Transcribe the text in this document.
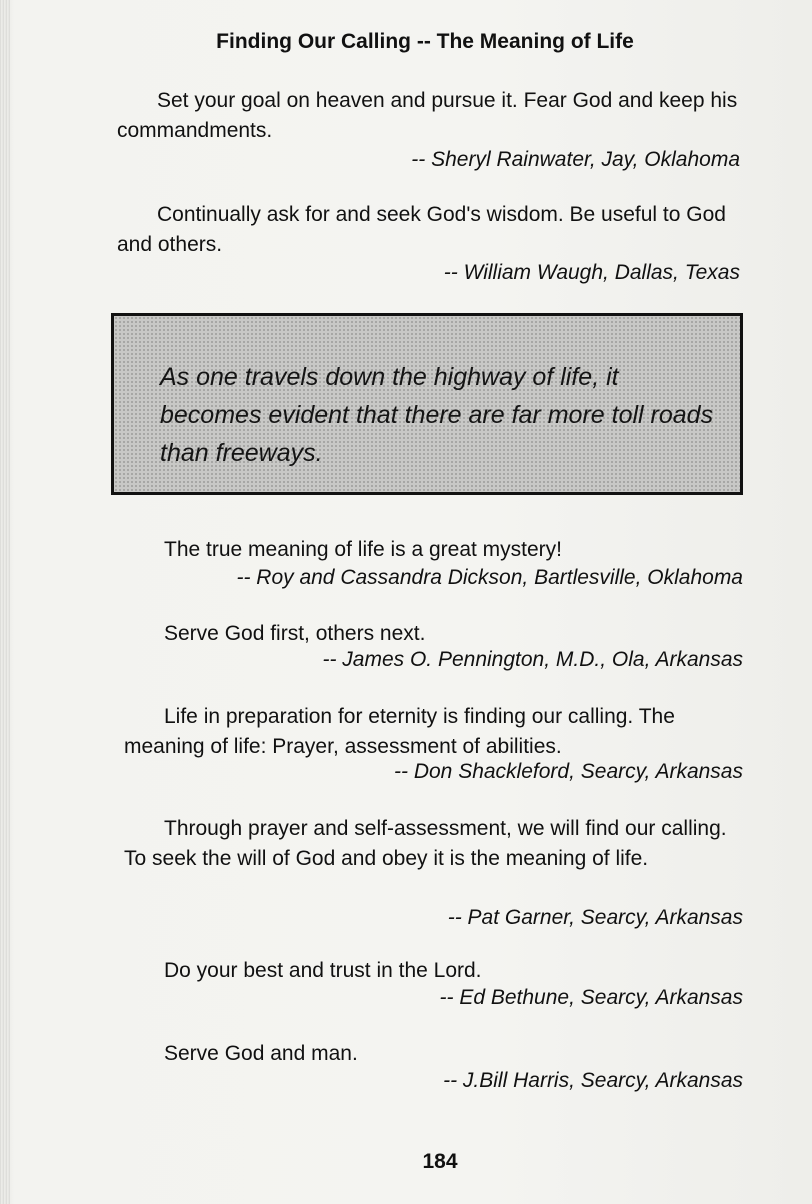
Finding Our Calling -- The Meaning of Life

Set your goal on heaven and pursue it. Fear God and keep his commandments.

-- Sheryl Rainwater, Jay, Oklahoma

Continually ask for and seek God's wisdom. Be useful to God and others.

-- William Waugh, Dallas, Texas

As one travels down the highway of life, it becomes evident that there are far more toll roads than freeways.

The true meaning of life is a great mystery!

-- Roy and Cassandra Dickson, Bartlesville, Oklahoma

Serve God first, others next.

-- James O. Pennington, M.D., Ola, Arkansas

Life in preparation for eternity is finding our calling. The meaning of life: Prayer, assessment of abilities.

-- Don Shackleford, Searcy, Arkansas

Through prayer and self-assessment, we will find our calling. To seek the will of God and obey it is the meaning of life.

-- Pat Garner, Searcy, Arkansas

Do your best and trust in the Lord.

-- Ed Bethune, Searcy, Arkansas

Serve God and man.

-- J.Bill Harris, Searcy, Arkansas
184
